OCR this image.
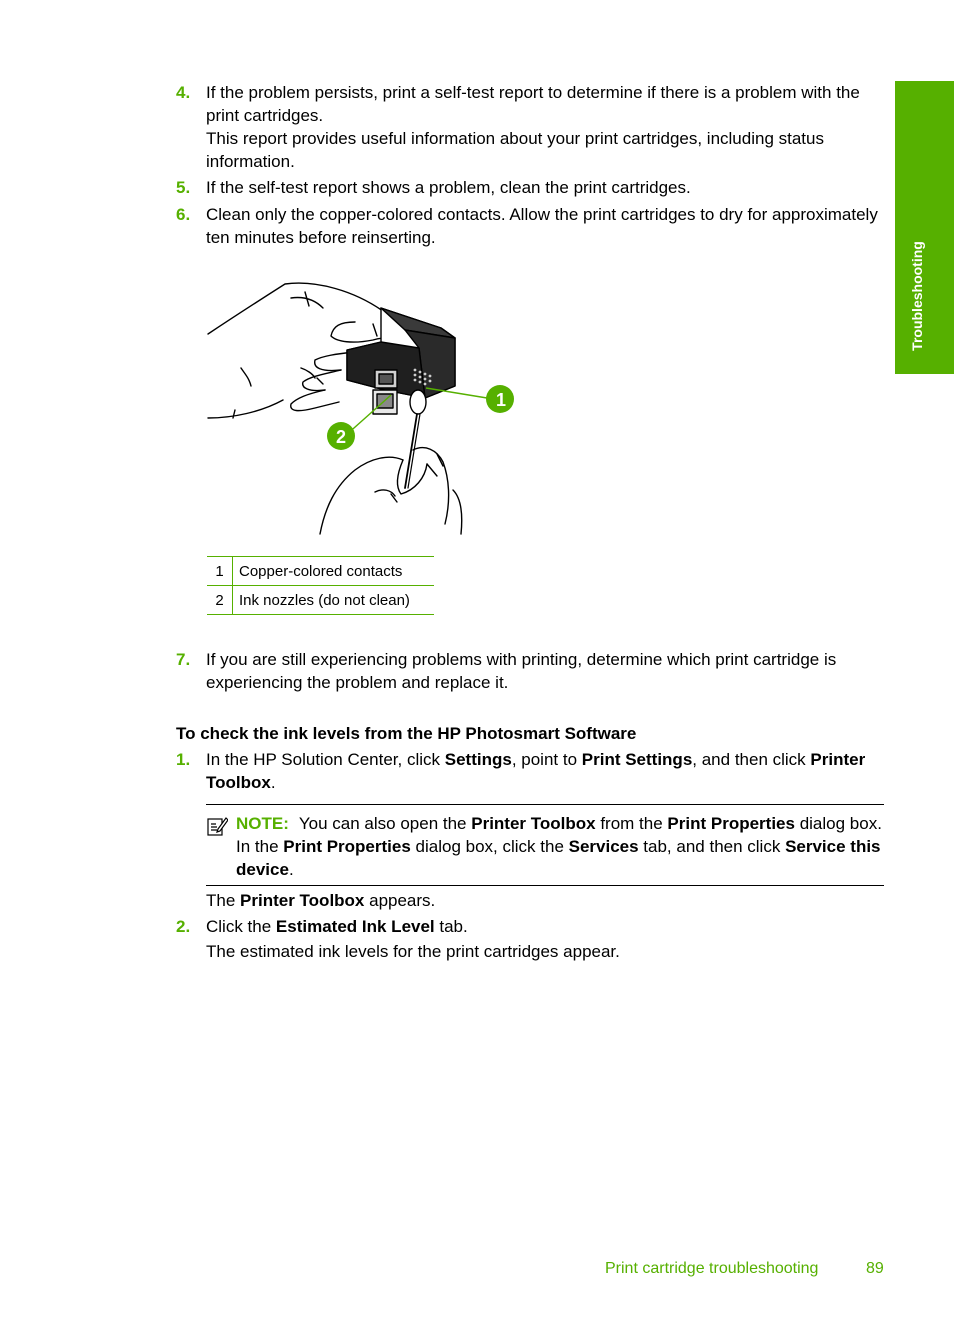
Troubleshooting
4. If the problem persists, print a self-test report to determine if there is a problem with the print cartridges.

This report provides useful information about your print cartridges, including status information.

5. If the self-test report shows a problem, clean the print cartridges.

6. Clean only the copper-colored contacts. Allow the print cartridges to dry for approximately ten minutes before reinserting.

1
2
1	Copper-colored contacts
2	Ink nozzles (do not clean)
7. If you are still experiencing problems with printing, determine which print cartridge is experiencing the problem and replace it.

To check the ink levels from the HP Photosmart Software
1. In the HP Solution Center, click Settings, point to Print Settings, and then click Printer Toolbox.

NOTE: You can also open the Printer Toolbox from the Print Properties dialog box. In the Print Properties dialog box, click the Services tab, and then click Service this device.
The Printer Toolbox appears.
2. Click the Estimated Ink Level tab.

The estimated ink levels for the print cartridges appear.
Print cartridge troubleshooting	89
